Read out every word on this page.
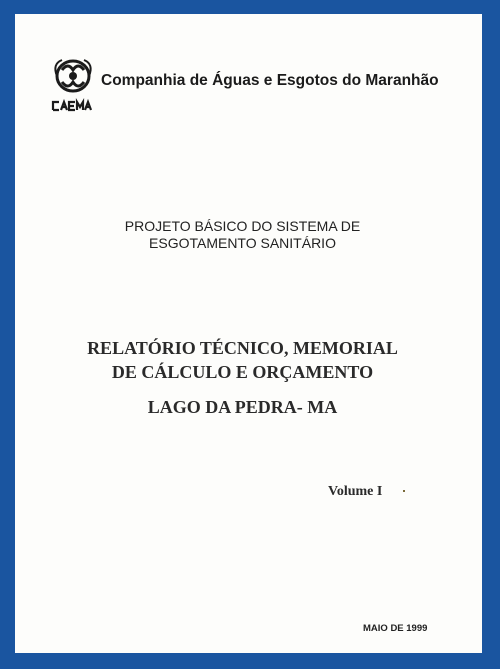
Companhia de Águas e Esgotos do Maranhão
PROJETO BÁSICO DO SISTEMA DE
ESGOTAMENTO SANITÁRIO
RELATÓRIO TÉCNICO, MEMORIAL
DE CÁLCULO E ORÇAMENTO
LAGO DA PEDRA- MA
Volume I
MAIO DE 1999
